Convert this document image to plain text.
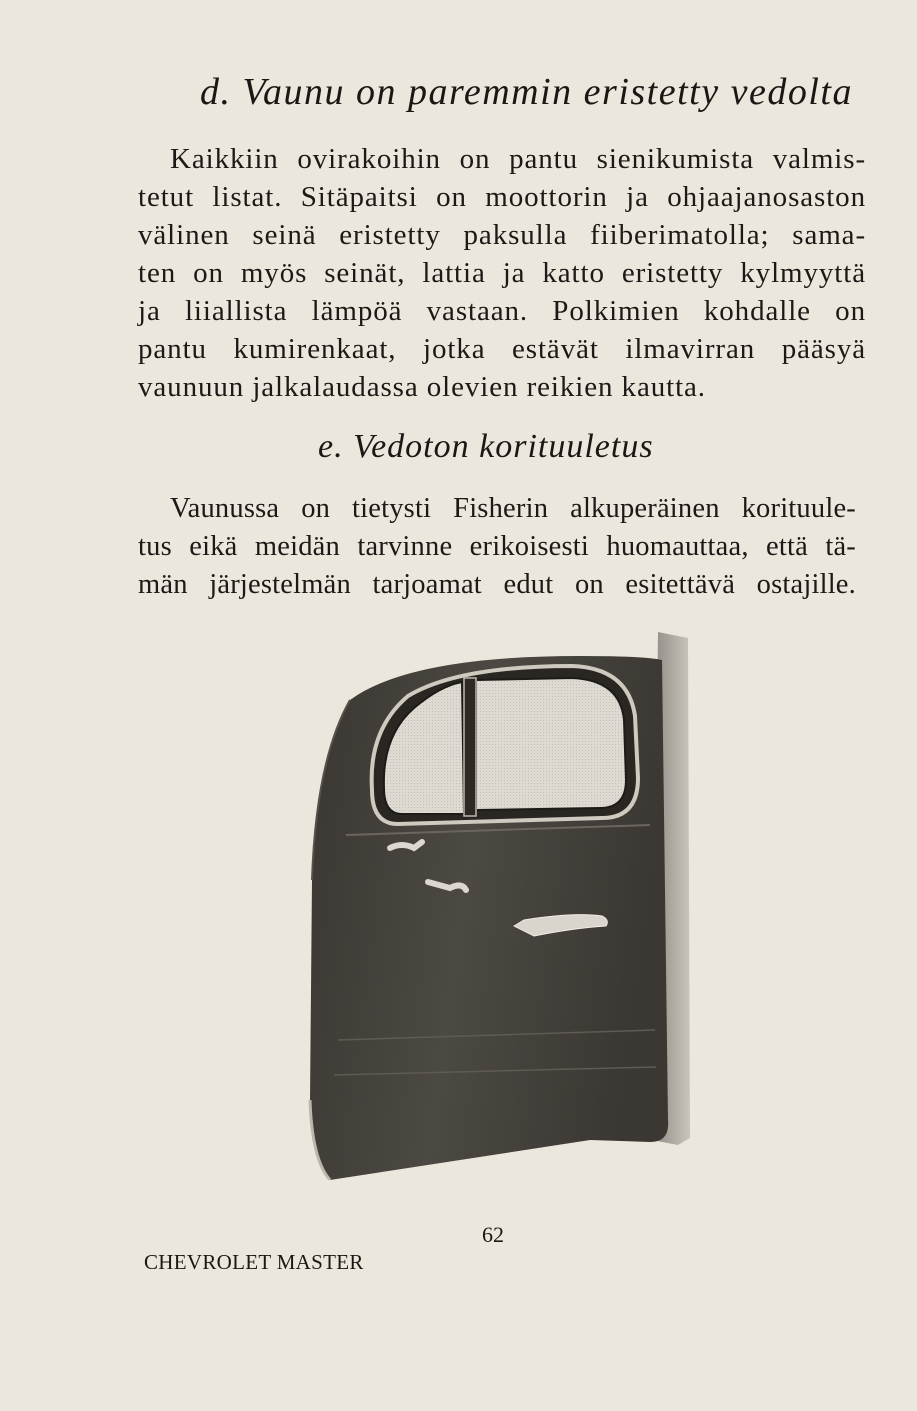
d. Vaunu on paremmin eristetty vedolta
Kaikkiin ovirakoihin on pantu sienikumista valmis-
tetut listat. Sitäpaitsi on moottorin ja ohjaajanosaston
välinen seinä eristetty paksulla fiiberimatolla; sama-
ten on myös seinät, lattia ja katto eristetty kylmyyttä
ja liiallista lämpöä vastaan. Polkimien kohdalle on
pantu kumirenkaat, jotka estävät ilmavirran pääsyä
vaunuun jalkalaudassa olevien reikien kautta.
e. Vedoton korituuletus
Vaunussa on tietysti Fisherin alkuperäinen korituule-
tus eikä meidän tarvinne erikoisesti huomauttaa, että tä-
män järjestelmän tarjoamat edut on esitettävä ostajille.
62
CHEVROLET MASTER
